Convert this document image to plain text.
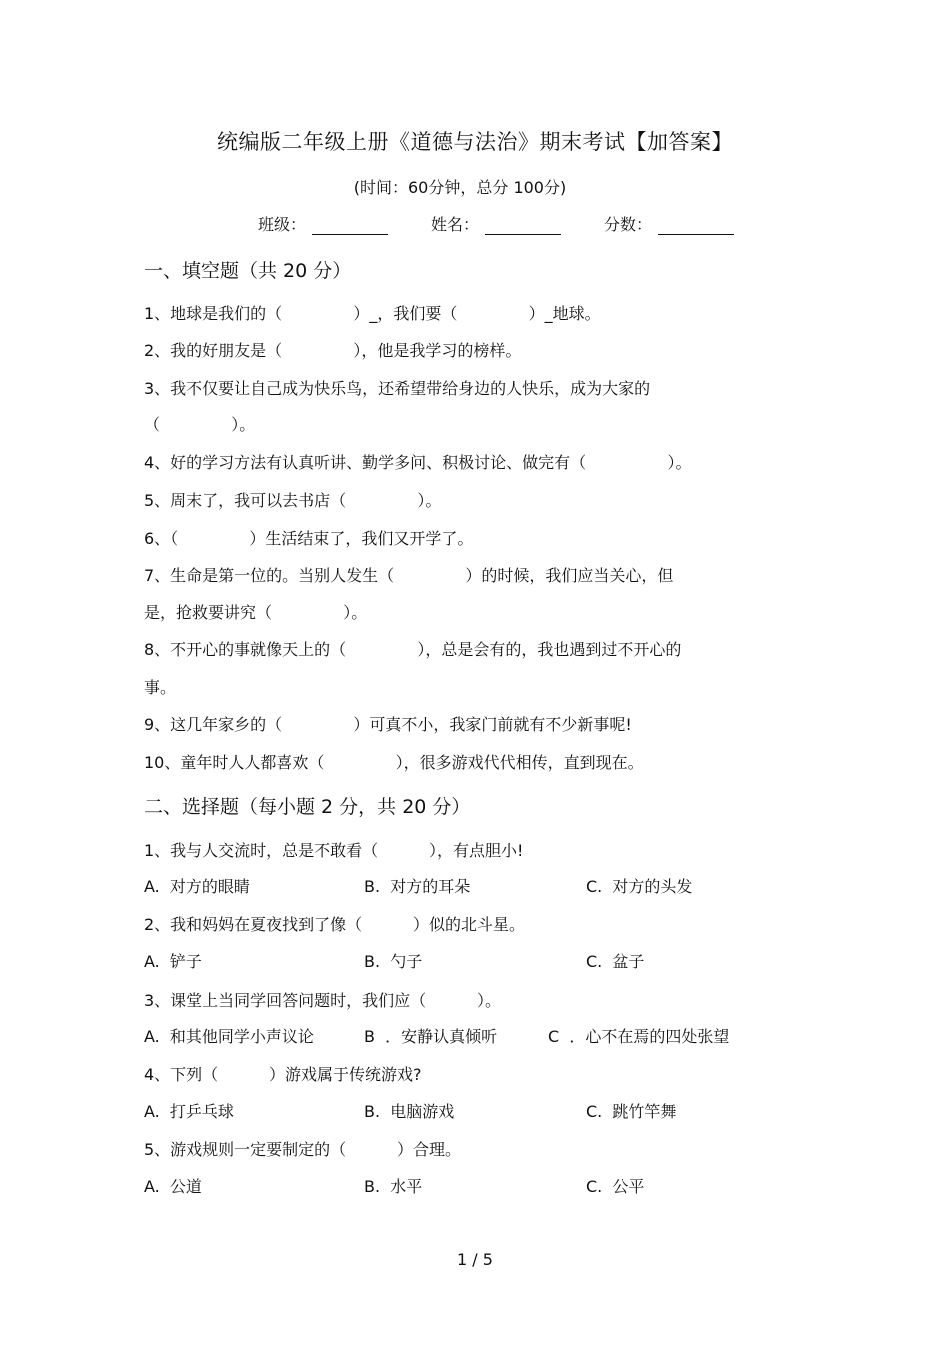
统编版二年级上册《道德与法治》期末考试【加答案】
(时间：60分钟，总分 100分)
班级：	姓名：	分数：
一、填空题（共 20 分）
1、地球是我们的（              ）_，我们要（              ）_地球。
2、我的好朋友是（              ），他是我学习的榜样。
3、我不仅要让自己成为快乐鸟，还希望带给身边的人快乐，成为大家的
（              ）。
4、好的学习方法有认真听讲、勤学多问、积极讨论、做完有（                ）。
5、周末了，我可以去书店（              ）。
6、（              ）生活结束了，我们又开学了。
7、生命是第一位的。当别人发生（              ）的时候，我们应当关心，但
是，抢救要讲究（              ）。
8、不开心的事就像天上的（              ），总是会有的，我也遇到过不开心的
事。
9、这几年家乡的（              ）可真不小，我家门前就有不少新事呢!
10、童年时人人都喜欢（              ），很多游戏代代相传，直到现在。
二、选择题（每小题 2 分，共 20 分）
1、我与人交流时，总是不敢看（          ），有点胆小!
A.  对方的眼睛	B.  对方的耳朵	C.  对方的头发
2、我和妈妈在夏夜找到了像（          ）似的北斗星。
A.  铲子	B.  勺子	C.  盆子
3、课堂上当同学回答问题时，我们应（          ）。
A.  和其他同学小声议论	B  ．安静认真倾听	C  ．心不在焉的四处张望
4、下列（          ）游戏属于传统游戏?
A.  打乒乓球	B.  电脑游戏	C.  跳竹竿舞
5、游戏规则一定要制定的（          ）合理。
A.  公道	B.  水平	C.  公平
1 / 5
